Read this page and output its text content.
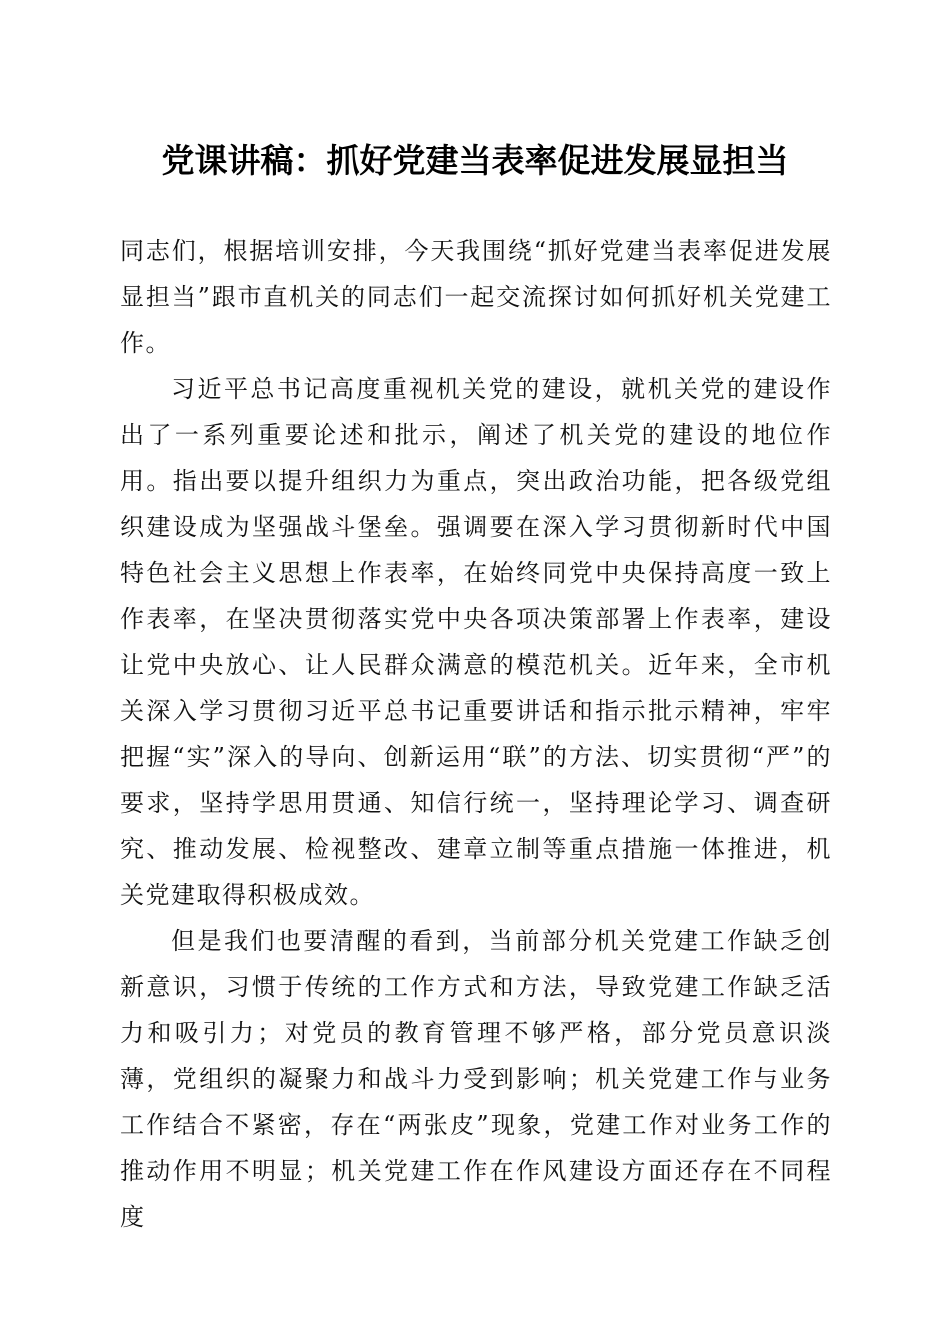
党课讲稿：抓好党建当表率促进发展显担当

同志们，根据培训安排，今天我围绕“抓好党建当表率促进发展显担当”跟市直机关的同志们一起交流探讨如何抓好机关党建工作。

习近平总书记高度重视机关党的建设，就机关党的建设作出了一系列重要论述和批示，阐述了机关党的建设的地位作用。指出要以提升组织力为重点，突出政治功能，把各级党组织建设成为坚强战斗堡垒。强调要在深入学习贯彻新时代中国特色社会主义思想上作表率，在始终同党中央保持高度一致上作表率，在坚决贯彻落实党中央各项决策部署上作表率，建设让党中央放心、让人民群众满意的模范机关。近年来，全市机关深入学习贯彻习近平总书记重要讲话和指示批示精神，牢牢把握“实”深入的导向、创新运用“联”的方法、切实贯彻“严”的要求，坚持学思用贯通、知信行统一，坚持理论学习、调查研究、推动发展、检视整改、建章立制等重点措施一体推进，机关党建取得积极成效。

但是我们也要清醒的看到，当前部分机关党建工作缺乏创新意识，习惯于传统的工作方式和方法，导致党建工作缺乏活力和吸引力；对党员的教育管理不够严格，部分党员意识淡薄，党组织的凝聚力和战斗力受到影响；机关党建工作与业务工作结合不紧密，存在“两张皮”现象，党建工作对业务工作的推动作用不明显；机关党建工作在作风建设方面还存在不同程度
